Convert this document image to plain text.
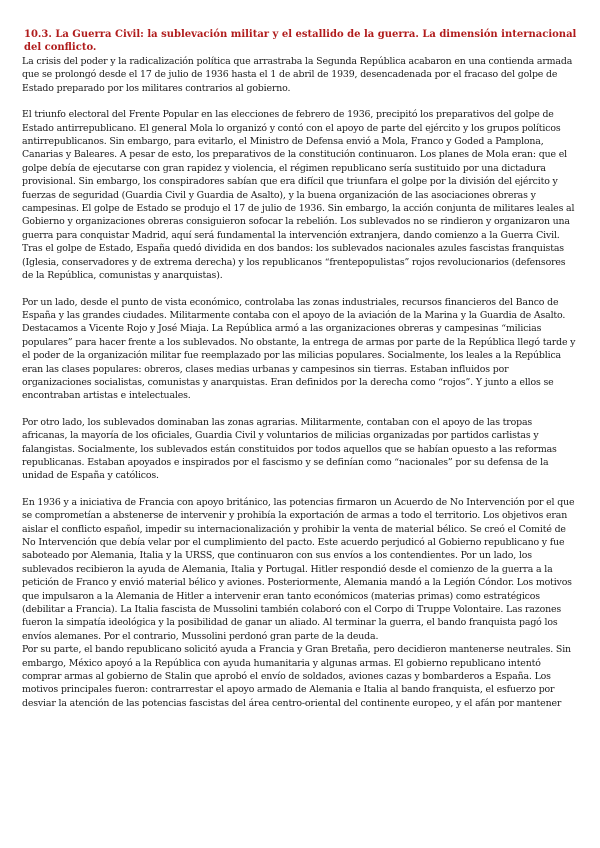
10.3. La Guerra Civil: la sublevación militar y el estallido de la guerra. La dimensión internacional del conflicto.

La crisis del poder y la radicalización política que arrastraba la Segunda República acabaron en una contienda armada que se prolongó desde el 17 de julio de 1936 hasta el 1 de abril de 1939, desencadenada por el fracaso del golpe de Estado preparado por los militares contrarios al gobierno.

El triunfo electoral del Frente Popular en las elecciones de febrero de 1936, precipitó los preparativos del golpe de Estado antirrepublicano. El general Mola lo organizó y contó con el apoyo de parte del ejército y los grupos políticos antirrepublicanos. Sin embargo, para evitarlo, el Ministro de Defensa envió a Mola, Franco y Goded a Pamplona, Canarias y Baleares. A pesar de esto, los preparativos de la constitución continuaron. Los planes de Mola eran: que el golpe debía de ejecutarse con gran rapidez y violencia, el régimen republicano sería sustituido por una dictadura provisional. Sin embargo, los conspiradores sabían que era difícil que triunfara el golpe por la división del ejército y fuerzas de seguridad (Guardia Civil y Guardia de Asalto), y la buena organización de las asociaciones obreras y campesinas. El golpe de Estado se produjo el 17 de julio de 1936. Sin embargo, la acción conjunta de militares leales al Gobierno y organizaciones obreras consiguieron sofocar la rebelión. Los sublevados no se rindieron y organizaron una guerra para conquistar Madrid, aquí será fundamental la intervención extranjera, dando comienzo a la Guerra Civil. Tras el golpe de Estado, España quedó dividida en dos bandos: los sublevados nacionales azules fascistas franquistas (Iglesia, conservadores y de extrema derecha) y los republicanos “frentepopulistas” rojos revolucionarios (defensores de la República, comunistas y anarquistas).

Por un lado, desde el punto de vista económico, controlaba las zonas industriales, recursos financieros del Banco de España y las grandes ciudades. Militarmente contaba con el apoyo de la aviación de la Marina y la Guardia de Asalto. Destacamos a Vicente Rojo y José Miaja. La República armó a las organizaciones obreras y campesinas “milicias populares” para hacer frente a los sublevados. No obstante, la entrega de armas por parte de la República llegó tarde y el poder de la organización militar fue reemplazado por las milicias populares. Socialmente, los leales a la República eran las clases populares: obreros, clases medias urbanas y campesinos sin tierras. Estaban influidos por organizaciones socialistas, comunistas y anarquistas. Eran definidos por la derecha como “rojos”. Y junto a ellos se encontraban artistas e intelectuales.

Por otro lado, los sublevados dominaban las zonas agrarias. Militarmente, contaban con el apoyo de las tropas africanas, la mayoría de los oficiales, Guardia Civil y voluntarios de milicias organizadas por partidos carlistas y falangistas. Socialmente, los sublevados están constituidos por todos aquellos que se habían opuesto a las reformas republicanas. Estaban apoyados e inspirados por el fascismo y se definían como “nacionales” por su defensa de la unidad de España y católicos.

En 1936 y a iniciativa de Francia con apoyo británico, las potencias firmaron un Acuerdo de No Intervención por el que se comprometían a abstenerse de intervenir y prohibía la exportación de armas a todo el territorio. Los objetivos eran aislar el conflicto español, impedir su internacionalización y prohibir la venta de material bélico. Se creó el Comité de No Intervención que debía velar por el cumplimiento del pacto. Este acuerdo perjudicó al Gobierno republicano y fue saboteado por Alemania, Italia y la URSS, que continuaron con sus envíos a los contendientes. Por un lado, los sublevados recibieron la ayuda de Alemania, Italia y Portugal. Hitler respondió desde el comienzo de la guerra a la petición de Franco y envió material bélico y aviones. Posteriormente, Alemania mandó a la Legión Cóndor. Los motivos que impulsaron a la Alemania de Hitler a intervenir eran tanto económicos (materias primas) como estratégicos (debilitar a Francia). La Italia fascista de Mussolini también colaboró con el Corpo di Truppe Volontaire. Las razones fueron la simpatía ideológica y la posibilidad de ganar un aliado. Al terminar la guerra, el bando franquista pagó los envíos alemanes. Por el contrario, Mussolini perdonó gran parte de la deuda.

Por su parte, el bando republicano solicitó ayuda a Francia y Gran Bretaña, pero decidieron mantenerse neutrales. Sin embargo, México apoyó a la República con ayuda humanitaria y algunas armas. El gobierno republicano intentó comprar armas al gobierno de Stalin que aprobó el envío de soldados, aviones cazas y bombarderos a España. Los motivos principales fueron: contrarrestar el apoyo armado de Alemania e Italia al bando franquista, el esfuerzo por desviar la atención de las potencias fascistas del área centro-oriental del continente europeo, y el afán por mantener
